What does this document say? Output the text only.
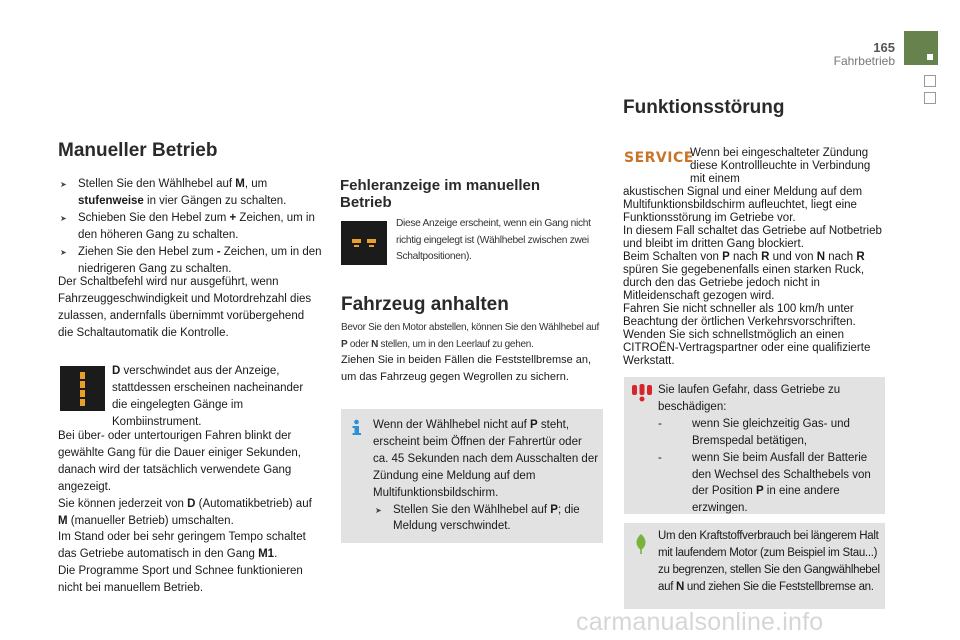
165
Fahrbetrieb
Manueller Betrieb
➤ Stellen Sie den Wählhebel auf M, um
stufenweise in vier Gängen zu schalten.
➤ Schieben Sie den Hebel zum + Zeichen, um in den höheren Gang zu schalten.
➤ Ziehen Sie den Hebel zum - Zeichen, um in den niedrigeren Gang zu schalten.
Der Schaltbefehl wird nur ausgeführt, wenn Fahrzeuggeschwindigkeit und Motordrehzahl dies zulassen, andernfalls übernimmt vorübergehend die Schaltautomatik die Kontrolle.
D verschwindet aus der Anzeige, stattdessen erscheinen nacheinander die eingelegten Gänge im Kombiinstrument.
Bei über- oder untertourigen Fahren blinkt der gewählte Gang für die Dauer einiger Sekunden, danach wird der tatsächlich verwendete Gang angezeigt.
Sie können jederzeit von D (Automatikbetrieb) auf M (manueller Betrieb) umschalten.
Im Stand oder bei sehr geringem Tempo schaltet das Getriebe automatisch in den Gang M1.
Die Programme Sport und Schnee funktionieren nicht bei manuellem Betrieb.
Fehleranzeige im manuellen Betrieb
Diese Anzeige erscheint, wenn ein Gang nicht richtig eingelegt ist (Wählhebel zwischen zwei Schaltpositionen).
Fahrzeug anhalten
Bevor Sie den Motor abstellen, können Sie den Wählhebel auf P oder N stellen, um in den Leerlauf zu gehen.
Ziehen Sie in beiden Fällen die Feststellbremse an, um das Fahrzeug gegen Wegrollen zu sichern.
Wenn der Wählhebel nicht auf P steht, erscheint beim Öffnen der Fahrertür oder ca. 45 Sekunden nach dem Ausschalten der Zündung eine Meldung auf dem Multifunktionsbildschirm.
➤ Stellen Sie den Wählhebel auf P; die Meldung verschwindet.
Funktionsstörung
SERVICE
Wenn bei eingeschalteter Zündung diese Kontrollleuchte in Verbindung mit einem
akustischen Signal und einer Meldung auf dem Multifunktionsbildschirm aufleuchtet, liegt eine Funktionsstörung im Getriebe vor.
In diesem Fall schaltet das Getriebe auf Notbetrieb und bleibt im dritten Gang blockiert.
Beim Schalten von P nach R und von N nach R spüren Sie gegebenenfalls einen starken Ruck, durch den das Getriebe jedoch nicht in Mitleidenschaft gezogen wird.
Fahren Sie nicht schneller als 100 km/h unter Beachtung der örtlichen Verkehrsvorschriften.
Wenden Sie sich schnellstmöglich an einen CITROËN-Vertragspartner oder eine qualifizierte Werkstatt.
Sie laufen Gefahr, dass Getriebe zu beschädigen:
-	wenn Sie gleichzeitig Gas- und Bremspedal betätigen,
-	wenn Sie beim Ausfall der Batterie den Wechsel des Schalthebels von der Position P in eine andere erzwingen.
Um den Kraftstoffverbrauch bei längerem Halt mit laufendem Motor (zum Beispiel im Stau...) zu begrenzen, stellen Sie den Gangwählhebel auf N und ziehen Sie die Feststellbremse an.
carmanualsonline.info
